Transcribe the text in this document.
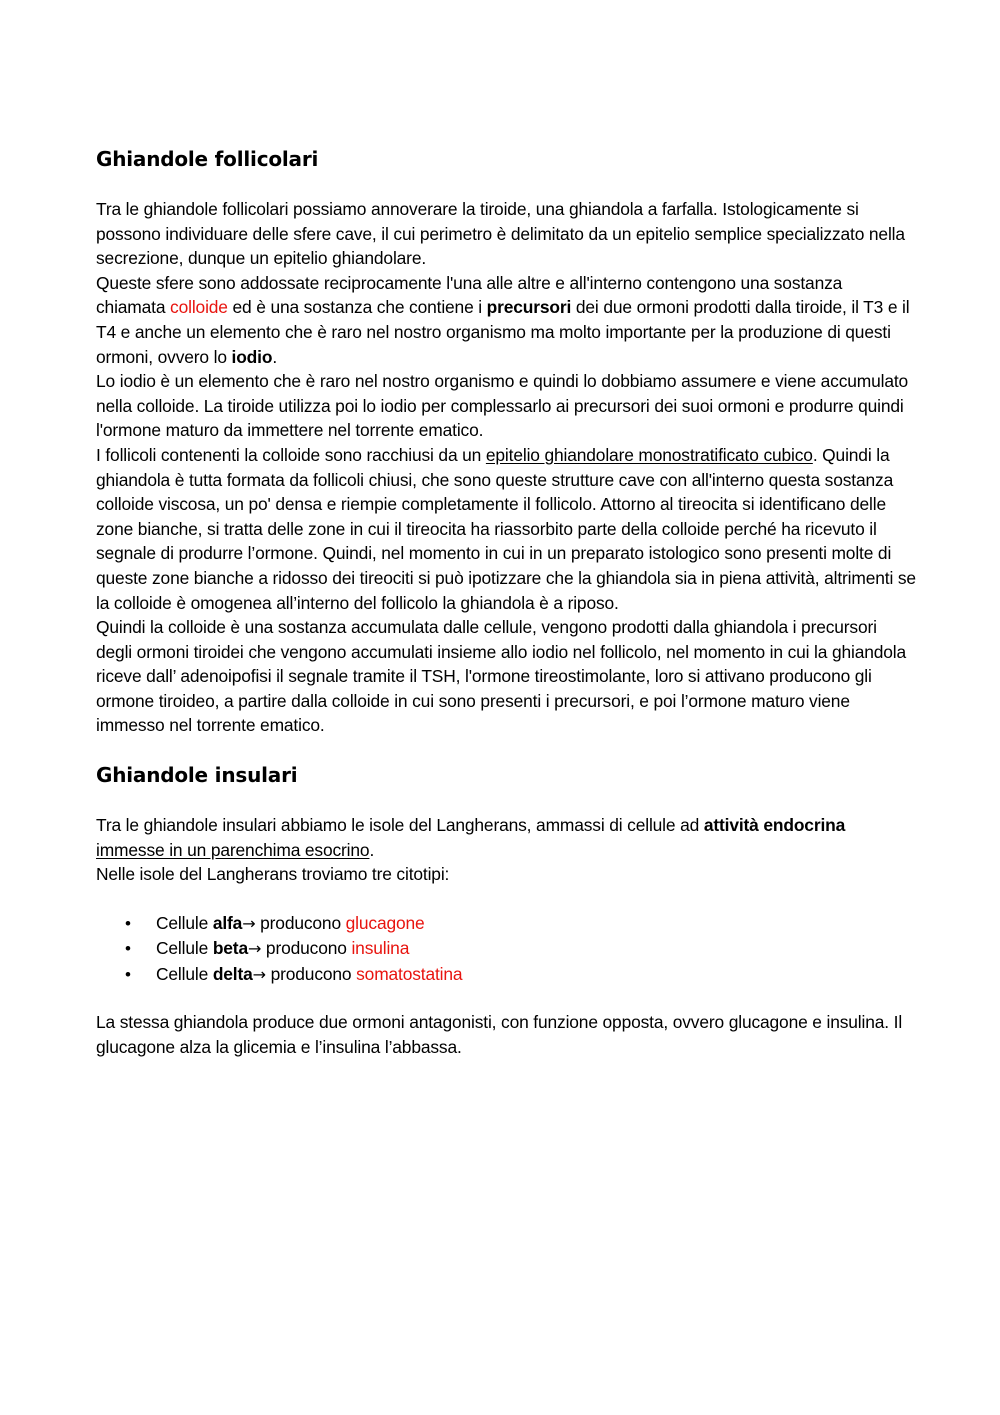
Ghiandole follicolari

Tra le ghiandole follicolari possiamo annoverare la tiroide, una ghiandola a farfalla. Istologicamente si possono individuare delle sfere cave, il cui perimetro è delimitato da un epitelio semplice specializzato nella secrezione, dunque un epitelio ghiandolare.

Queste sfere sono addossate reciprocamente l'una alle altre e all'interno contengono una sostanza chiamata colloide ed è una sostanza che contiene i precursori dei due ormoni prodotti dalla tiroide, il T3 e il T4 e anche un elemento che è raro nel nostro organismo ma molto importante per la produzione di questi ormoni, ovvero lo iodio.

Lo iodio è un elemento che è raro nel nostro organismo e quindi lo dobbiamo assumere e viene accumulato nella colloide. La tiroide utilizza poi lo iodio per complessarlo ai precursori dei suoi ormoni e produrre quindi l'ormone maturo da immettere nel torrente ematico.

I follicoli contenenti la colloide sono racchiusi da un epitelio ghiandolare monostratificato cubico. Quindi la ghiandola è tutta formata da follicoli chiusi, che sono queste strutture cave con all'interno questa sostanza colloide viscosa, un po' densa e riempie completamente il follicolo. Attorno al tireocita si identificano delle zone bianche, si tratta delle zone in cui il tireocita ha riassorbito parte della colloide perché ha ricevuto il segnale di produrre l’ormone. Quindi, nel momento in cui in un preparato istologico sono presenti molte di queste zone bianche a ridosso dei tireociti si può ipotizzare che la ghiandola sia in piena attività, altrimenti se la colloide è omogenea all’interno del follicolo la ghiandola è a riposo.

Quindi la colloide è una sostanza accumulata dalle cellule, vengono prodotti dalla ghiandola i precursori degli ormoni tiroidei che vengono accumulati insieme allo iodio nel follicolo, nel momento in cui la ghiandola riceve dall’ adenoipofisi il segnale tramite il TSH, l'ormone tireostimolante, loro si attivano producono gli ormone tiroideo, a partire dalla colloide in cui sono presenti i precursori, e poi l’ormone maturo viene immesso nel torrente ematico.

Ghiandole insulari

Tra le ghiandole insulari abbiamo le isole del Langherans, ammassi di cellule ad attività endocrina immesse in un parenchima esocrino.

Nelle isole del Langherans troviamo tre citotipi:

• Cellule alfa→ producono glucagone
• Cellule beta→ producono insulina
• Cellule delta→ producono somatostatina

La stessa ghiandola produce due ormoni antagonisti, con funzione opposta, ovvero glucagone e insulina. Il glucagone alza la glicemia e l’insulina l’abbassa.
